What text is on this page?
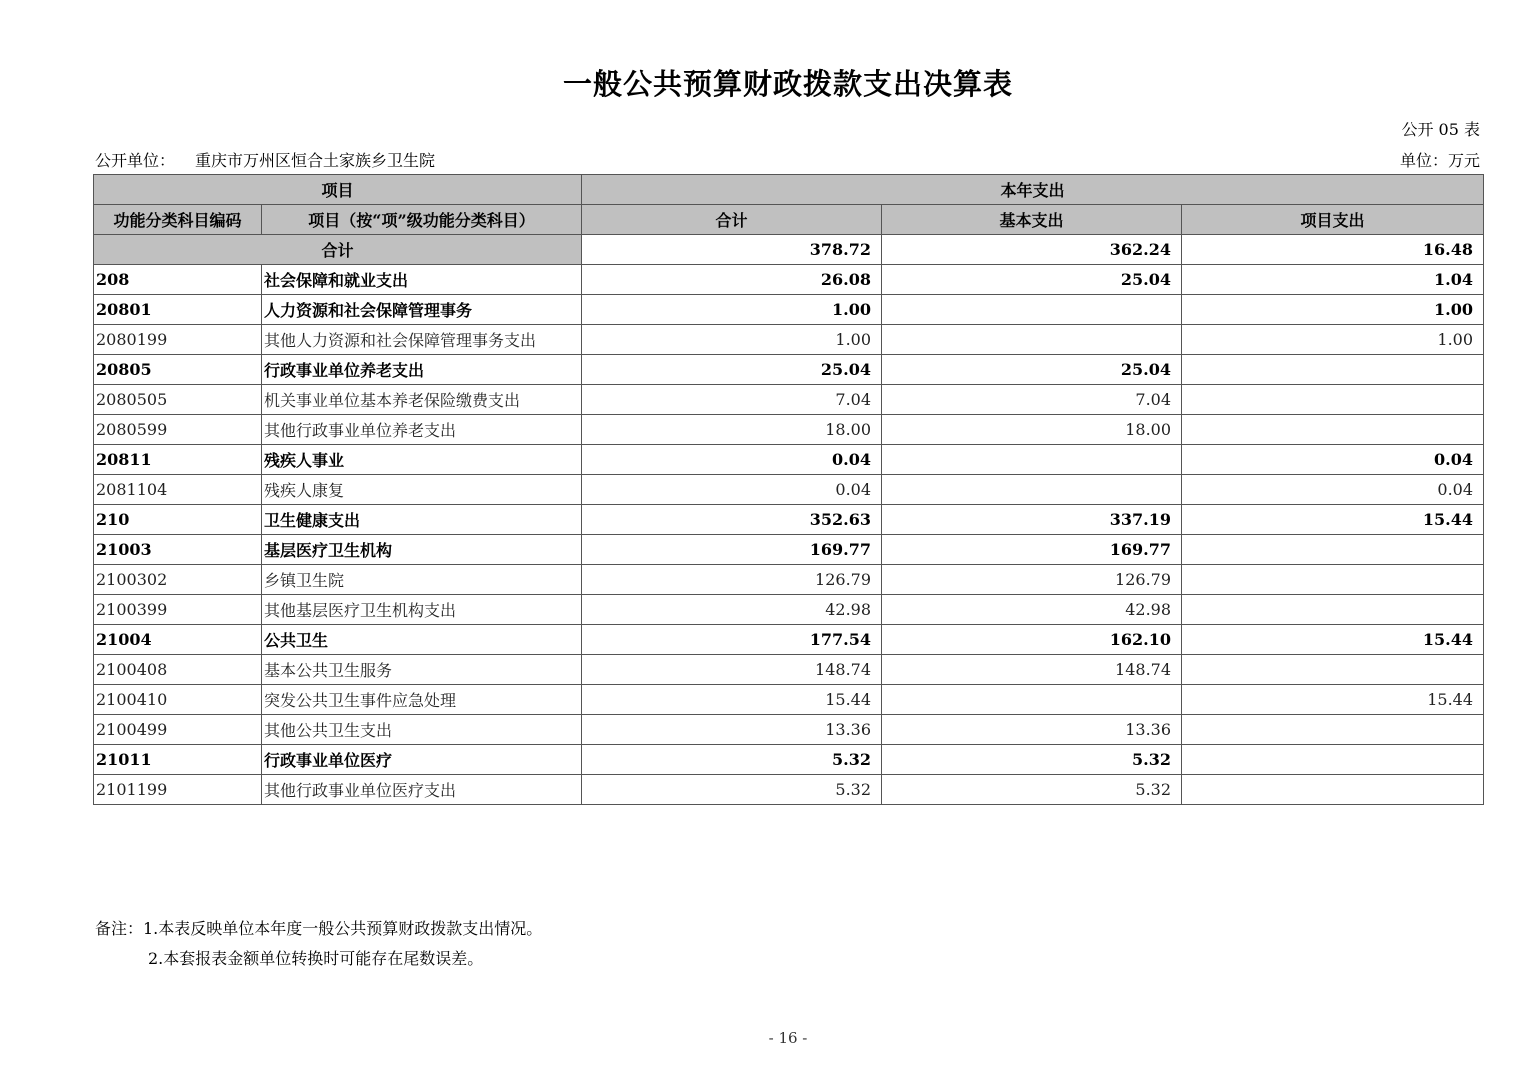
一般公共预算财政拨款支出决算表
公开 05 表
公开单位： 重庆市万州区恒合土家族乡卫生院	单位：万元
项目		本年支出		
功能分类科目编码	项目（按“项”级功能分类科目）	合计	基本支出	项目支出
合计		378.72	362.24	16.48
208	社会保障和就业支出	26.08	25.04	1.04
20801	人力资源和社会保障管理事务	1.00		1.00
2080199	其他人力资源和社会保障管理事务支出	1.00		1.00
20805	行政事业单位养老支出	25.04	25.04	
2080505	机关事业单位基本养老保险缴费支出	7.04	7.04	
2080599	其他行政事业单位养老支出	18.00	18.00	
20811	残疾人事业	0.04		0.04
2081104	残疾人康复	0.04		0.04
210	卫生健康支出	352.63	337.19	15.44
21003	基层医疗卫生机构	169.77	169.77	
2100302	乡镇卫生院	126.79	126.79	
2100399	其他基层医疗卫生机构支出	42.98	42.98	
21004	公共卫生	177.54	162.10	15.44
2100408	基本公共卫生服务	148.74	148.74	
2100410	突发公共卫生事件应急处理	15.44		15.44
2100499	其他公共卫生支出	13.36	13.36	
21011	行政事业单位医疗	5.32	5.32	
2101199	其他行政事业单位医疗支出	5.32	5.32	
备注：1.本表反映单位本年度一般公共预算财政拨款支出情况。
2.本套报表金额单位转换时可能存在尾数误差。
- 16 -
